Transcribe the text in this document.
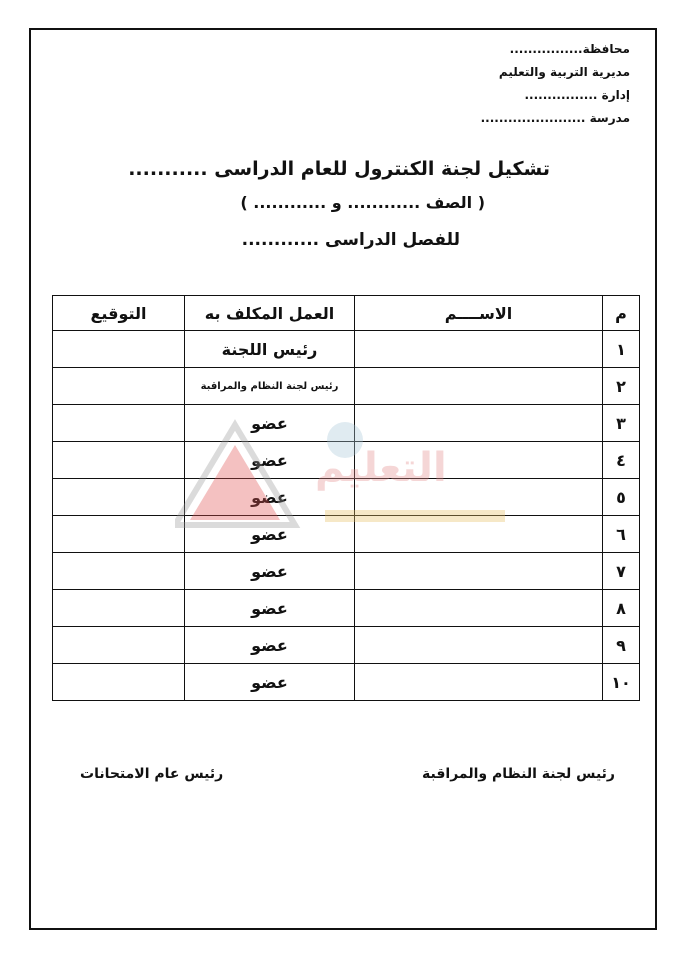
محافظة................
مديرية التربية والتعليم
إدارة ................
مدرسة .......................
تشكيل لجنة الكنترول للعام الدراسى ...........
( الصف ............ و ............ )
للفصل الدراسى ............
م	الاســــم	العمل المكلف به	التوقيع
١		رئيس اللجنة	
٢		رئيس لجنة النظام والمراقبة	
٣		عضو	
٤		عضو	
٥		عضو	
٦		عضو	
٧		عضو	
٨		عضو	
٩		عضو	
١٠		عضو	
التعليم
رئيس لجنة النظام والمراقبة
رئيس عام الامتحانات
